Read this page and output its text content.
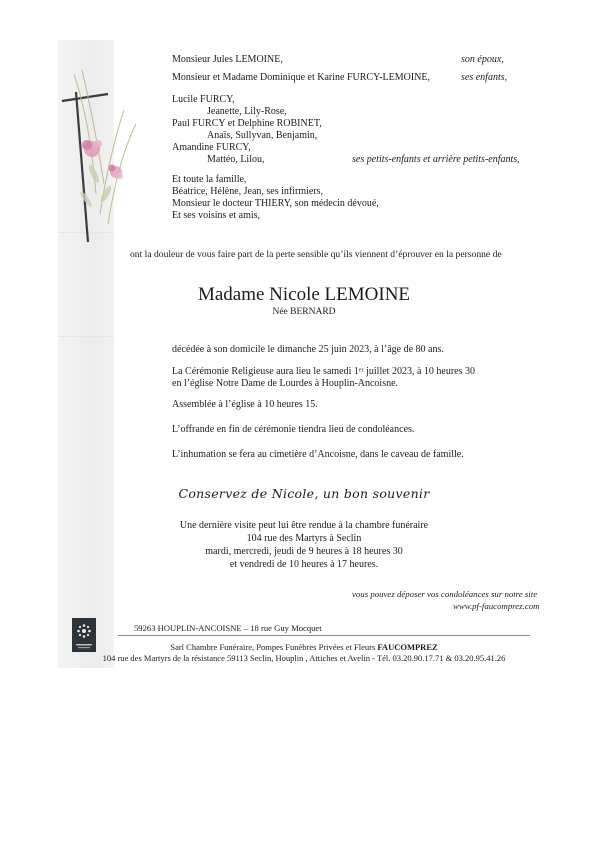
Monsieur Jules LEMOINE,	son époux,
Monsieur et Madame Dominique et Karine FURCY-LEMOINE,	ses enfants,
Lucile FURCY,
Jeanette, Lily-Rose,
Paul FURCY et Delphine ROBINET,
Anaïs, Sullyvan, Benjamin,
Amandine FURCY,
Mattéo, Lilou,	ses petits-enfants et arrière petits-enfants,
Et toute la famille,
Béatrice, Hélène, Jean, ses infirmiers,
Monsieur le docteur THIERY, son médecin dévoué,
Et ses voisins et amis,
ont la douleur de vous faire part de la perte sensible qu’ils viennent d’éprouver en la personne de
Madame Nicole LEMOINE
Née BERNARD
décédée à son domicile le dimanche 25 juin 2023, à l’âge de 80 ans.
La Cérémonie Religieuse aura lieu le samedi 1ᵉʳ juillet 2023, à 10 heures 30
en l’église Notre Dame de Lourdes à Houplin-Ancoisne.
Assemblée à l’église à 10 heures 15.
L’offrande en fin de cérémonie tiendra lieu de condoléances.
L’inhumation se fera au cimetière d’Ancoisne, dans le caveau de famille.
Conservez de Nicole, un bon souvenir
Une dernière visite peut lui être rendue à la chambre funéraire
104 rue des Martyrs à Seclin
mardi, mercredi, jeudi de 9 heures à 18 heures 30
et vendredi de 10 heures à 17 heures.
vous pouvez déposer vos condoléances sur notre site
www.pf-faucomprez.com
59263 HOUPLIN-ANCOISNE – 18 rue Guy Mocquet
Sarl Chambre Funéraire, Pompes Funèbres Privées et Fleurs FAUCOMPREZ
104 rue des Martyrs de la résistance 59113 Seclin, Houplin , Attiches et Avelin - Tél. 03.20.90.17.71 & 03.20.95.41.26
